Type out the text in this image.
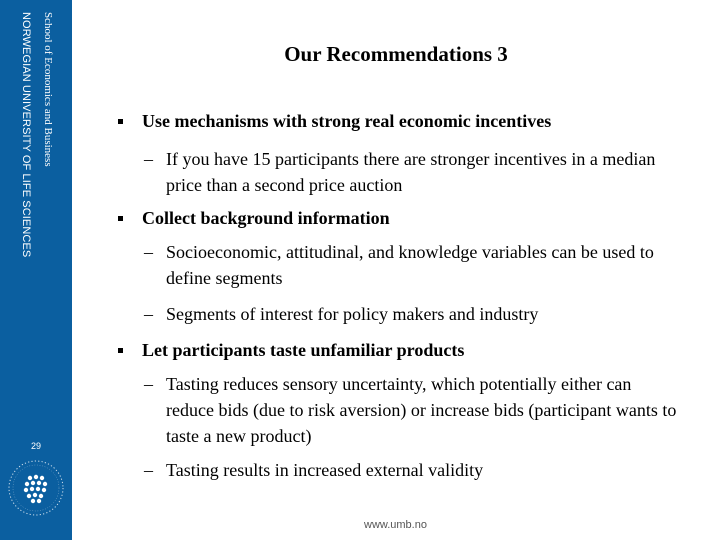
School of Economics and Business
NORWEGIAN UNIVERSITY OF LIFE SCIENCES
29
Our Recommendations 3
Use mechanisms with strong real economic incentives
– If you have 15 participants there are stronger incentives in a median price than a second price auction
Collect background information
– Socioeconomic, attitudinal, and knowledge variables can be used to define segments
– Segments of interest for policy makers and industry
Let participants taste unfamiliar products
– Tasting reduces sensory uncertainty, which potentially either can reduce bids (due to risk aversion) or increase bids (participant wants to taste a new product)
– Tasting results in increased external validity
www.umb.no
